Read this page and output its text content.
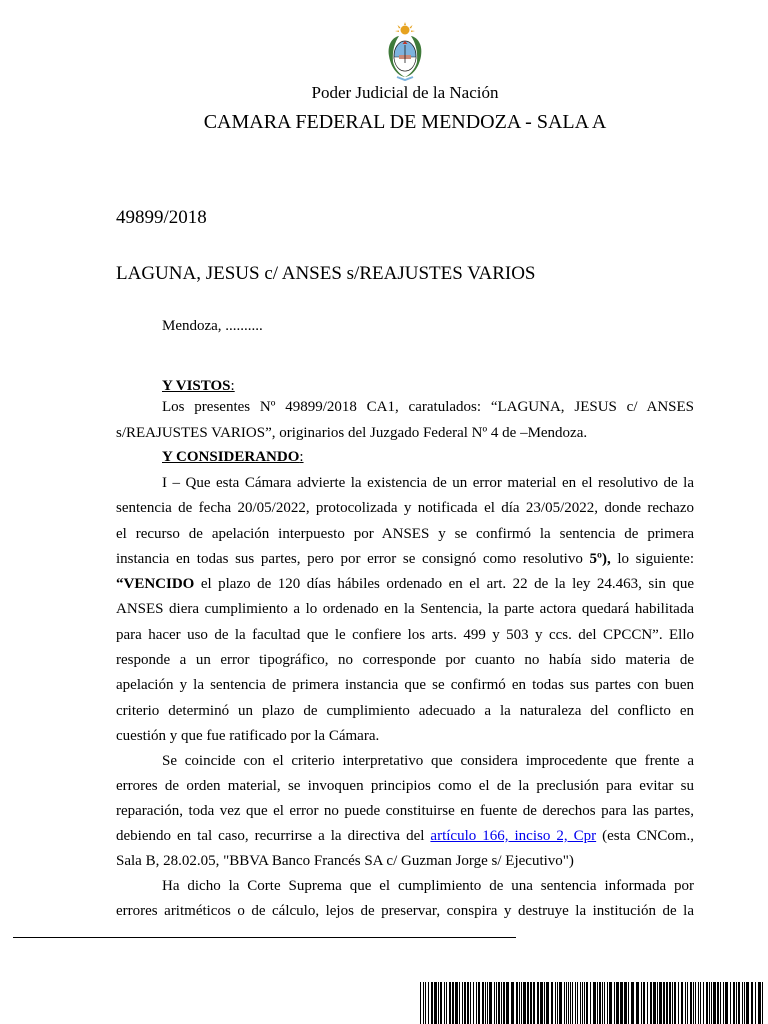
Poder Judicial de la Nación
CAMARA FEDERAL DE MENDOZA - SALA A
49899/2018
LAGUNA, JESUS c/ ANSES s/REAJUSTES VARIOS
Mendoza, ..........
Y VISTOS:
Los presentes Nº 49899/2018 CA1, caratulados: “LAGUNA, JESUS c/ ANSES
s/REAJUSTES VARIOS”, originarios del Juzgado Federal Nº 4 de –Mendoza.
Y CONSIDERANDO:
I – Que esta Cámara advierte la existencia de un error material en el resolutivo de la
sentencia de fecha 20/05/2022, protocolizada y notificada el día 23/05/2022, donde rechazo
el recurso de apelación interpuesto por ANSES y se confirmó la sentencia de primera
instancia en todas sus partes, pero por error se consignó como resolutivo 5º), lo siguiente:
“VENCIDO el plazo de 120 días hábiles ordenado en el art. 22 de la ley 24.463, sin que
ANSES diera cumplimiento a lo ordenado en la Sentencia, la parte actora quedará habilitada
para hacer uso de la facultad que le confiere los arts. 499 y 503 y ccs. del CPCCN”. Ello
responde a un error tipográfico, no corresponde por cuanto no había sido materia de
apelación y la sentencia de primera instancia que se confirmó en todas sus partes con buen
criterio determinó un plazo de cumplimiento adecuado a la naturaleza del conflicto en
cuestión y que fue ratificado por la Cámara.
Se coincide con el criterio interpretativo que considera improcedente que frente a
errores de orden material, se invoquen principios como el de la preclusión para evitar su
reparación, toda vez que el error no puede constituirse en fuente de derechos para las partes,
debiendo en tal caso, recurrirse a la directiva del artículo 166, inciso 2, Cpr (esta CNCom.,
Sala B, 28.02.05, "BBVA Banco Francés SA c/ Guzman Jorge s/ Ejecutivo")
Ha dicho la Corte Suprema que el cumplimiento de una sentencia informada por
errores aritméticos o de cálculo, lejos de preservar, conspira y destruye la institución de la
